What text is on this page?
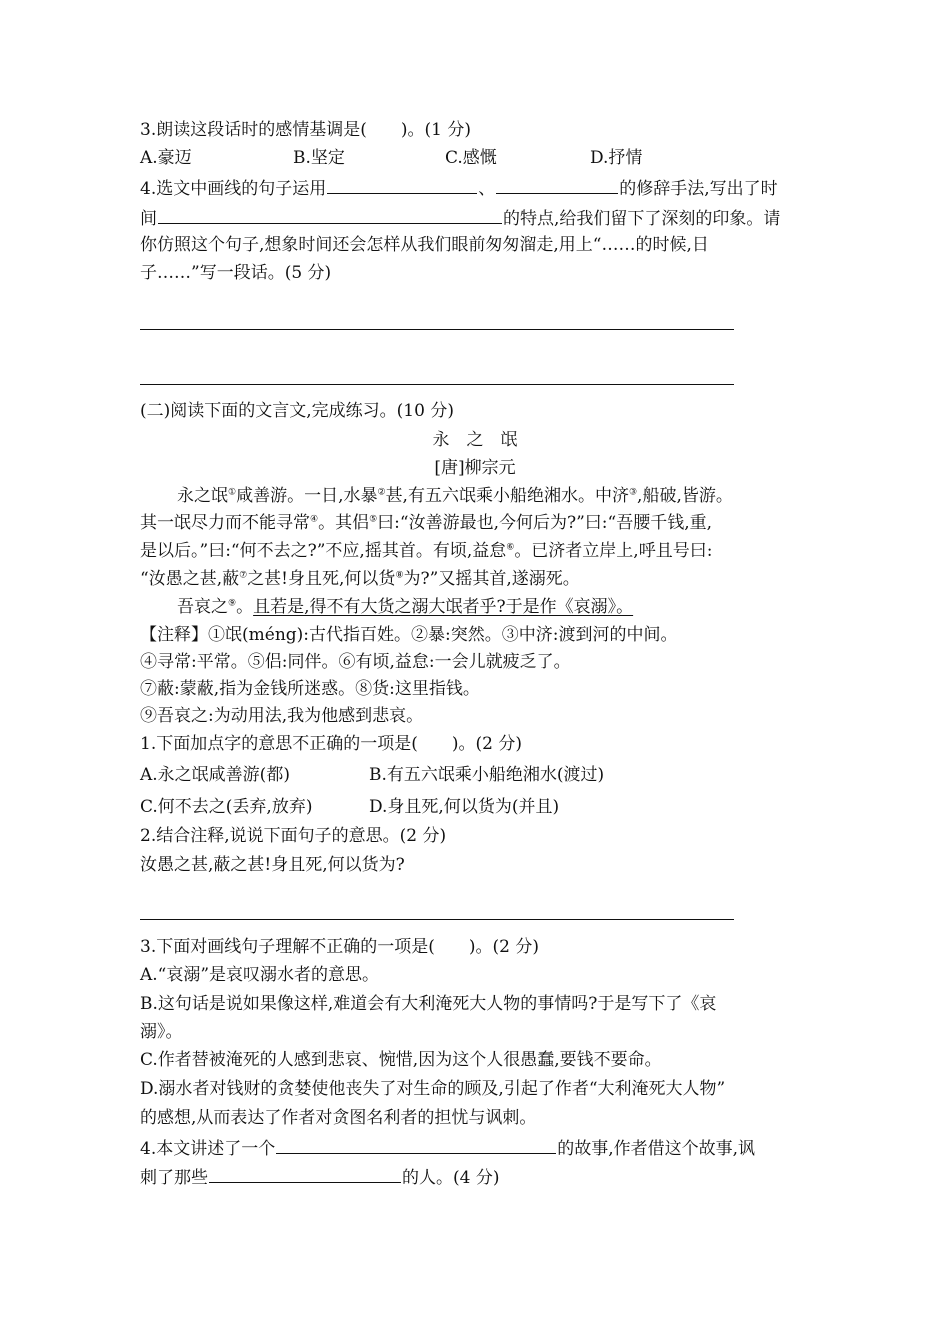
3.朗读这段话时的感情基调是(　　)。(1 分)
A.豪迈	B.坚定	C.感慨	D.抒情
4.选文中画线的句子运用	、	的修辞手法,写出了时
间	的特点,给我们留下了深刻的印象。请
你仿照这个句子,想象时间还会怎样从我们眼前匆匆溜走,用上“……的时候,日
子……”写一段话。(5 分)
(二)阅读下面的文言文,完成练习。(10 分)
永　之　氓
[唐]柳宗元
永之氓①咸善游。一日,水暴②甚,有五六氓乘小船绝湘水。中济③,船破,皆游。
其一氓尽力而不能寻常④。其侣⑤曰:“汝善游最也,今何后为?”曰:“吾腰千钱,重,
是以后。”曰:“何不去之?”不应,摇其首。有顷,益怠⑥。已济者立岸上,呼且号曰:
“汝愚之甚,蔽⑦之甚!身且死,何以货⑧为?”又摇其首,遂溺死。
吾哀之⑨。且若是,得不有大货之溺大氓者乎?于是作《哀溺》。
【注释】①氓(méng):古代指百姓。②暴:突然。③中济:渡到河的中间。
④寻常:平常。⑤侣:同伴。⑥有顷,益怠:一会儿就疲乏了。
⑦蔽:蒙蔽,指为金钱所迷惑。⑧货:这里指钱。
⑨吾哀之:为动用法,我为他感到悲哀。
1.下面加点字的意思不正确的一项是(　　)。(2 分)
A.永之氓咸善游(都)	B.有五六氓乘小船绝湘水(渡过)
C.何不去之(丢弃,放弃)	D.身且死,何以货为(并且)
2.结合注释,说说下面句子的意思。(2 分)
汝愚之甚,蔽之甚!身且死,何以货为?
3.下面对画线句子理解不正确的一项是(　　)。(2 分)
A.“哀溺”是哀叹溺水者的意思。
B.这句话是说如果像这样,难道会有大利淹死大人物的事情吗?于是写下了《哀
溺》。
C.作者替被淹死的人感到悲哀、惋惜,因为这个人很愚蠢,要钱不要命。
D.溺水者对钱财的贪婪使他丧失了对生命的顾及,引起了作者“大利淹死大人物”
的感想,从而表达了作者对贪图名利者的担忧与讽刺。
4.本文讲述了一个	的故事,作者借这个故事,讽
刺了那些	的人。(4 分)
